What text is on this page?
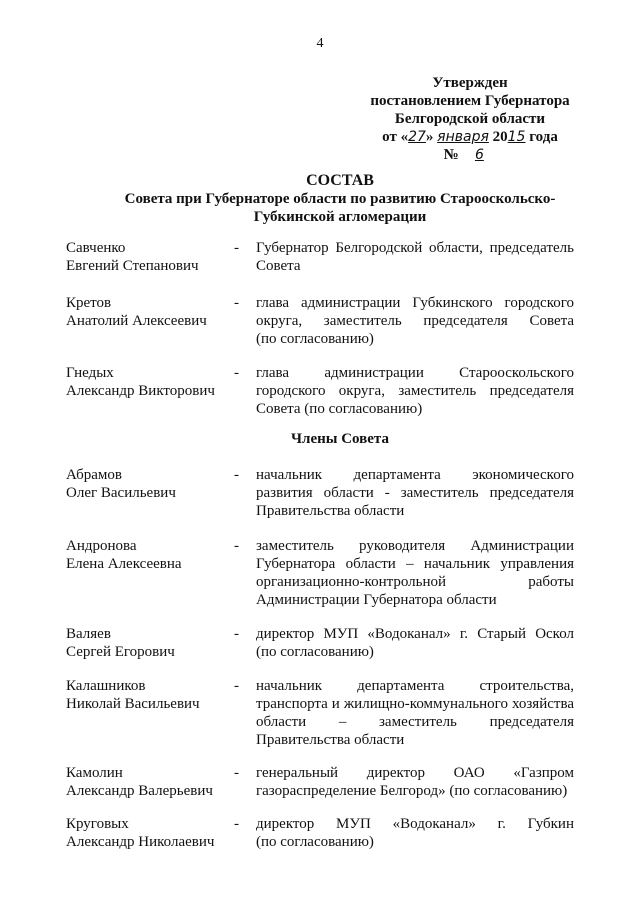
4
Утвержден
постановлением Губернатора
Белгородской области
от «27» января 2015 года
№ 6
СОСТАВ
Совета при Губернаторе области по развитию Старооскольско-
Губкинской агломерации
Савченко
Евгений Степанович
- Губернатор Белгородской области, председатель
Совета
Кретов
Анатолий Алексеевич
- глава администрации Губкинского городского
округа, заместитель председателя Совета
(по согласованию)
Гнедых
Александр Викторович
- глава администрации Старооскольского
городского округа, заместитель председателя
Совета (по согласованию)
Члены Совета
Абрамов
Олег Васильевич
- начальник департамента экономического
развития области - заместитель председателя
Правительства области
Андронова
Елена Алексеевна
- заместитель руководителя Администрации
Губернатора области – начальник управления
организационно-контрольной работы
Администрации Губернатора области
Валяев
Сергей Егорович
- директор МУП «Водоканал» г. Старый Оскол
(по согласованию)
Калашников
Николай Васильевич
- начальник департамента строительства,
транспорта и жилищно-коммунального хозяйства
области – заместитель председателя
Правительства области
Камолин
Александр Валерьевич
- генеральный директор ОАО «Газпром
газораспределение Белгород» (по согласованию)
Круговых
Александр Николаевич
- директор МУП «Водоканал» г. Губкин
(по согласованию)
